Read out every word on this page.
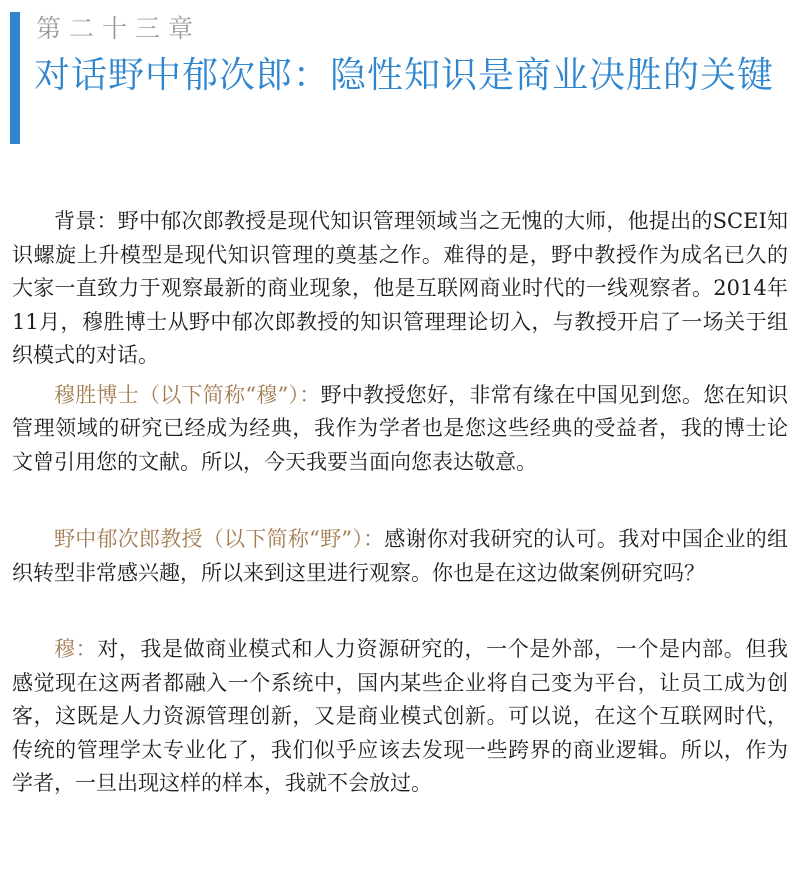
第二十三章
对话野中郁次郎：隐性知识是商业决胜的关键

背景：野中郁次郎教授是现代知识管理领域当之无愧的大师，他提出的SCEI知识螺旋上升模型是现代知识管理的奠基之作。难得的是，野中教授作为成名已久的大家一直致力于观察最新的商业现象，他是互联网商业时代的一线观察者。2014年11月，穆胜博士从野中郁次郎教授的知识管理理论切入，与教授开启了一场关于组织模式的对话。

穆胜博士（以下简称“穆”）：野中教授您好，非常有缘在中国见到您。您在知识管理领域的研究已经成为经典，我作为学者也是您这些经典的受益者，我的博士论文曾引用您的文献。所以，今天我要当面向您表达敬意。

野中郁次郎教授（以下简称“野”）：感谢你对我研究的认可。我对中国企业的组织转型非常感兴趣，所以来到这里进行观察。你也是在这边做案例研究吗？

穆：对，我是做商业模式和人力资源研究的，一个是外部，一个是内部。但我感觉现在这两者都融入一个系统中，国内某些企业将自己变为平台，让员工成为创客，这既是人力资源管理创新，又是商业模式创新。可以说，在这个互联网时代，传统的管理学太专业化了，我们似乎应该去发现一些跨界的商业逻辑。所以，作为学者，一旦出现这样的样本，我就不会放过。
